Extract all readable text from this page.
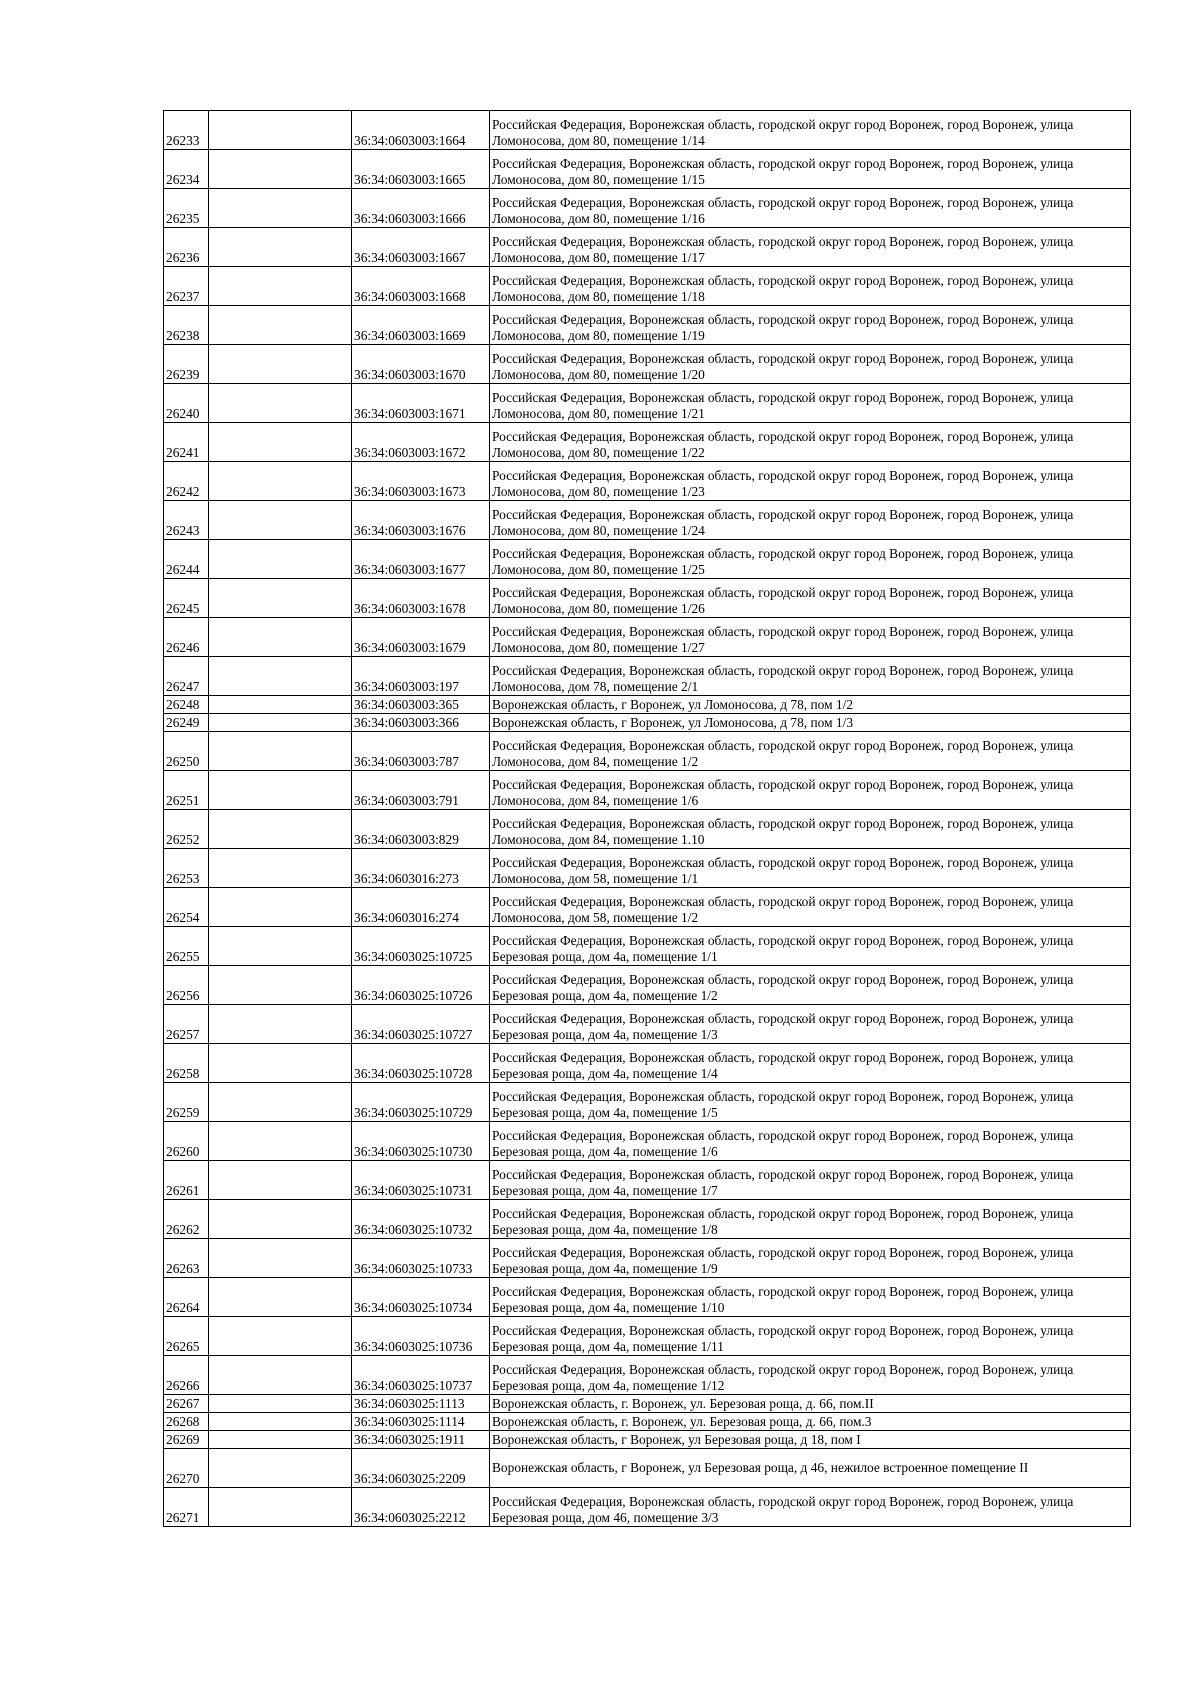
26233		36:34:0603003:1664	Российская Федерация, Воронежская область, городской округ город Воронеж, город Воронеж, улица Ломоносова, дом 80, помещение 1/14
26234		36:34:0603003:1665	Российская Федерация, Воронежская область, городской округ город Воронеж, город Воронеж, улица Ломоносова, дом 80, помещение 1/15
26235		36:34:0603003:1666	Российская Федерация, Воронежская область, городской округ город Воронеж, город Воронеж, улица Ломоносова, дом 80, помещение 1/16
26236		36:34:0603003:1667	Российская Федерация, Воронежская область, городской округ город Воронеж, город Воронеж, улица Ломоносова, дом 80, помещение 1/17
26237		36:34:0603003:1668	Российская Федерация, Воронежская область, городской округ город Воронеж, город Воронеж, улица Ломоносова, дом 80, помещение 1/18
26238		36:34:0603003:1669	Российская Федерация, Воронежская область, городской округ город Воронеж, город Воронеж, улица Ломоносова, дом 80, помещение 1/19
26239		36:34:0603003:1670	Российская Федерация, Воронежская область, городской округ город Воронеж, город Воронеж, улица Ломоносова, дом 80, помещение 1/20
26240		36:34:0603003:1671	Российская Федерация, Воронежская область, городской округ город Воронеж, город Воронеж, улица Ломоносова, дом 80, помещение 1/21
26241		36:34:0603003:1672	Российская Федерация, Воронежская область, городской округ город Воронеж, город Воронеж, улица Ломоносова, дом 80, помещение 1/22
26242		36:34:0603003:1673	Российская Федерация, Воронежская область, городской округ город Воронеж, город Воронеж, улица Ломоносова, дом 80, помещение 1/23
26243		36:34:0603003:1676	Российская Федерация, Воронежская область, городской округ город Воронеж, город Воронеж, улица Ломоносова, дом 80, помещение 1/24
26244		36:34:0603003:1677	Российская Федерация, Воронежская область, городской округ город Воронеж, город Воронеж, улица Ломоносова, дом 80, помещение 1/25
26245		36:34:0603003:1678	Российская Федерация, Воронежская область, городской округ город Воронеж, город Воронеж, улица Ломоносова, дом 80, помещение 1/26
26246		36:34:0603003:1679	Российская Федерация, Воронежская область, городской округ город Воронеж, город Воронеж, улица Ломоносова, дом 80, помещение 1/27
26247		36:34:0603003:197	Российская Федерация, Воронежская область, городской округ город Воронеж, город Воронеж, улица Ломоносова, дом 78, помещение 2/1
26248		36:34:0603003:365	Воронежская область, г Воронеж, ул Ломоносова, д 78, пом 1/2
26249		36:34:0603003:366	Воронежская область, г Воронеж, ул Ломоносова, д 78, пом 1/3
26250		36:34:0603003:787	Российская Федерация, Воронежская область, городской округ город Воронеж, город Воронеж, улица Ломоносова, дом 84, помещение 1/2
26251		36:34:0603003:791	Российская Федерация, Воронежская область, городской округ город Воронеж, город Воронеж, улица Ломоносова, дом 84, помещение 1/6
26252		36:34:0603003:829	Российская Федерация, Воронежская область, городской округ город Воронеж, город Воронеж, улица Ломоносова, дом 84, помещение 1.10
26253		36:34:0603016:273	Российская Федерация, Воронежская область, городской округ город Воронеж, город Воронеж, улица Ломоносова, дом 58, помещение 1/1
26254		36:34:0603016:274	Российская Федерация, Воронежская область, городской округ город Воронеж, город Воронеж, улица Ломоносова, дом 58, помещение 1/2
26255		36:34:0603025:10725	Российская Федерация, Воронежская область, городской округ город Воронеж, город Воронеж, улица Березовая роща, дом 4а, помещение 1/1
26256		36:34:0603025:10726	Российская Федерация, Воронежская область, городской округ город Воронеж, город Воронеж, улица Березовая роща, дом 4а, помещение 1/2
26257		36:34:0603025:10727	Российская Федерация, Воронежская область, городской округ город Воронеж, город Воронеж, улица Березовая роща, дом 4а, помещение 1/3
26258		36:34:0603025:10728	Российская Федерация, Воронежская область, городской округ город Воронеж, город Воронеж, улица Березовая роща, дом 4а, помещение 1/4
26259		36:34:0603025:10729	Российская Федерация, Воронежская область, городской округ город Воронеж, город Воронеж, улица Березовая роща, дом 4а, помещение 1/5
26260		36:34:0603025:10730	Российская Федерация, Воронежская область, городской округ город Воронеж, город Воронеж, улица Березовая роща, дом 4а, помещение 1/6
26261		36:34:0603025:10731	Российская Федерация, Воронежская область, городской округ город Воронеж, город Воронеж, улица Березовая роща, дом 4а, помещение 1/7
26262		36:34:0603025:10732	Российская Федерация, Воронежская область, городской округ город Воронеж, город Воронеж, улица Березовая роща, дом 4а, помещение 1/8
26263		36:34:0603025:10733	Российская Федерация, Воронежская область, городской округ город Воронеж, город Воронеж, улица Березовая роща, дом 4а, помещение 1/9
26264		36:34:0603025:10734	Российская Федерация, Воронежская область, городской округ город Воронеж, город Воронеж, улица Березовая роща, дом 4а, помещение 1/10
26265		36:34:0603025:10736	Российская Федерация, Воронежская область, городской округ город Воронеж, город Воронеж, улица Березовая роща, дом 4а, помещение 1/11
26266		36:34:0603025:10737	Российская Федерация, Воронежская область, городской округ город Воронеж, город Воронеж, улица Березовая роща, дом 4а, помещение 1/12
26267		36:34:0603025:1113	Воронежская область, г. Воронеж, ул. Березовая роща, д. 66, пом.II
26268		36:34:0603025:1114	Воронежская область, г. Воронеж, ул. Березовая роща, д. 66, пом.3
26269		36:34:0603025:1911	Воронежская область, г Воронеж, ул Березовая роща, д 18, пом I
26270		36:34:0603025:2209	Воронежская область, г Воронеж, ул Березовая роща, д 46, нежилое встроенное помещение II
26271		36:34:0603025:2212	Российская Федерация, Воронежская область, городской округ город Воронеж, город Воронеж, улица Березовая роща, дом 46, помещение 3/3
